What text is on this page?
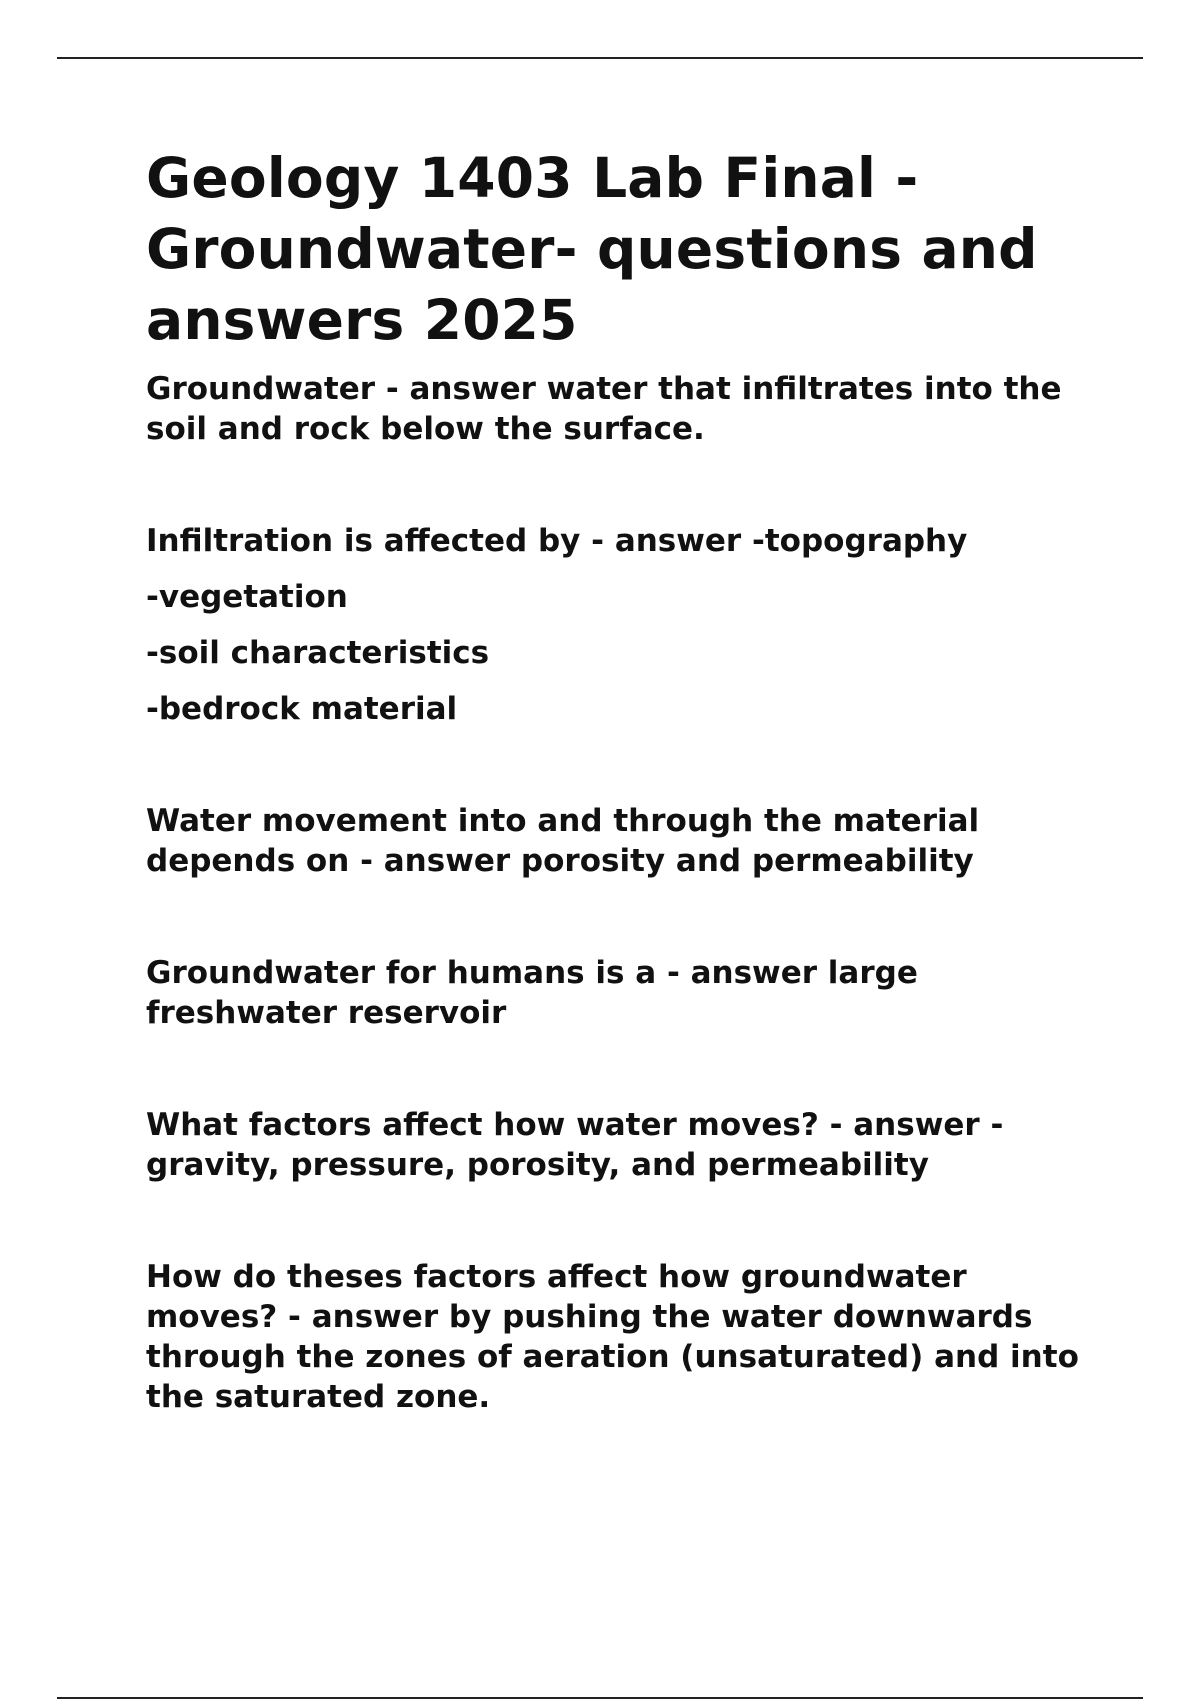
Geology 1403 Lab Final - Groundwater- questions and answers 2025

Groundwater - answer water that infiltrates into the soil and rock below the surface.

Infiltration is affected by - answer -topography

-vegetation

-soil characteristics

-bedrock material

Water movement into and through the material depends on - answer porosity and permeability

Groundwater for humans is a - answer large freshwater reservoir

What factors affect how water moves? - answer - gravity, pressure, porosity, and permeability

How do theses factors affect how groundwater moves? - answer by pushing the water downwards through the zones of aeration (unsaturated) and into the saturated zone.
